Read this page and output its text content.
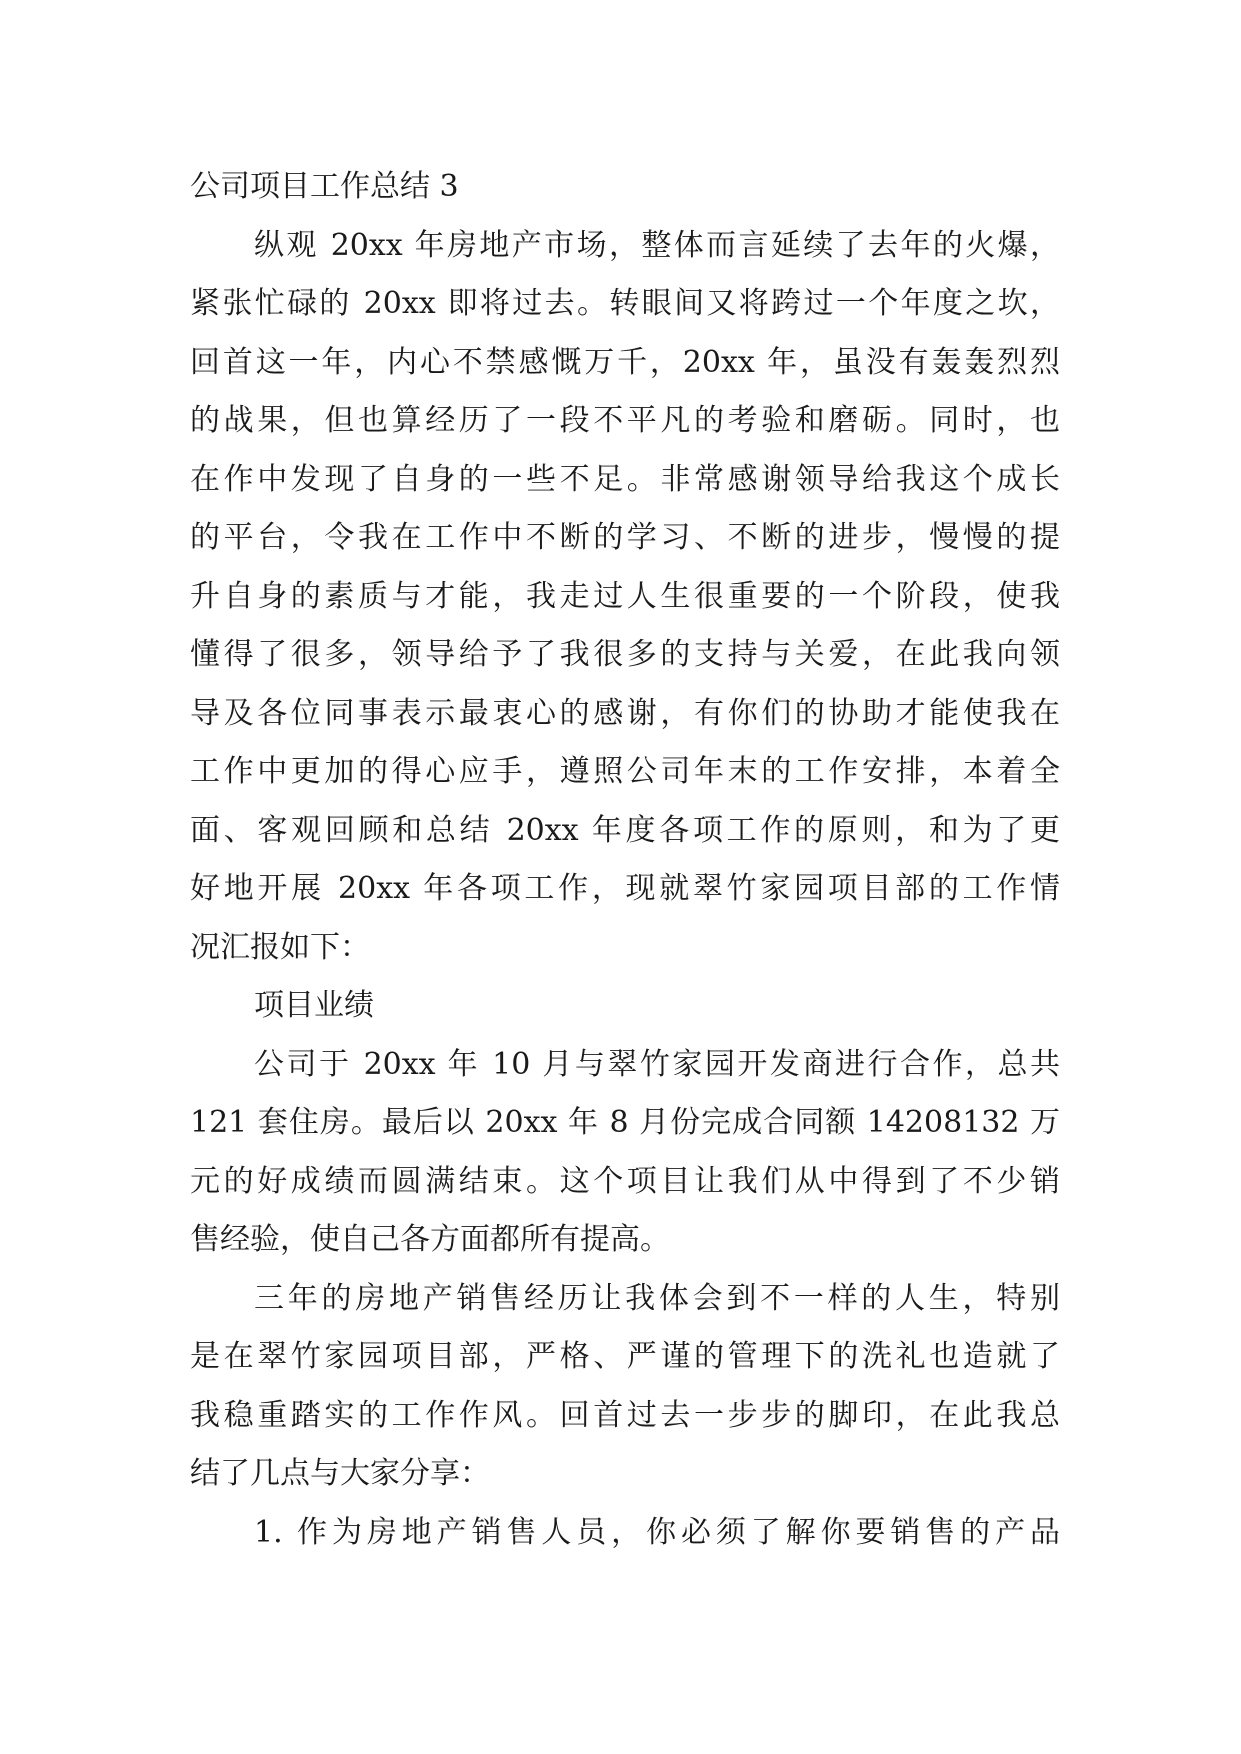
公司项目工作总结 3
纵观 20xx 年房地产市场，整体而言延续了去年的火爆，
紧张忙碌的 20xx 即将过去。转眼间又将跨过一个年度之坎，
回首这一年，内心不禁感慨万千，20xx 年，虽没有轰轰烈烈
的战果，但也算经历了一段不平凡的考验和磨砺。同时，也
在作中发现了自身的一些不足。非常感谢领导给我这个成长
的平台，令我在工作中不断的学习、不断的进步，慢慢的提
升自身的素质与才能，我走过人生很重要的一个阶段，使我
懂得了很多，领导给予了我很多的支持与关爱，在此我向领
导及各位同事表示最衷心的感谢，有你们的协助才能使我在
工作中更加的得心应手，遵照公司年末的工作安排，本着全
面、客观回顾和总结 20xx 年度各项工作的原则，和为了更
好地开展 20xx 年各项工作，现就翠竹家园项目部的工作情
况汇报如下：
项目业绩
公司于 20xx 年 10 月与翠竹家园开发商进行合作，总共
121 套住房。最后以 20xx 年 8 月份完成合同额 14208132 万
元的好成绩而圆满结束。这个项目让我们从中得到了不少销
售经验，使自己各方面都所有提高。
三年的房地产销售经历让我体会到不一样的人生，特别
是在翠竹家园项目部，严格、严谨的管理下的洗礼也造就了
我稳重踏实的工作作风。回首过去一步步的脚印，在此我总
结了几点与大家分享：
1. 作为房地产销售人员，你必须了解你要销售的产品
